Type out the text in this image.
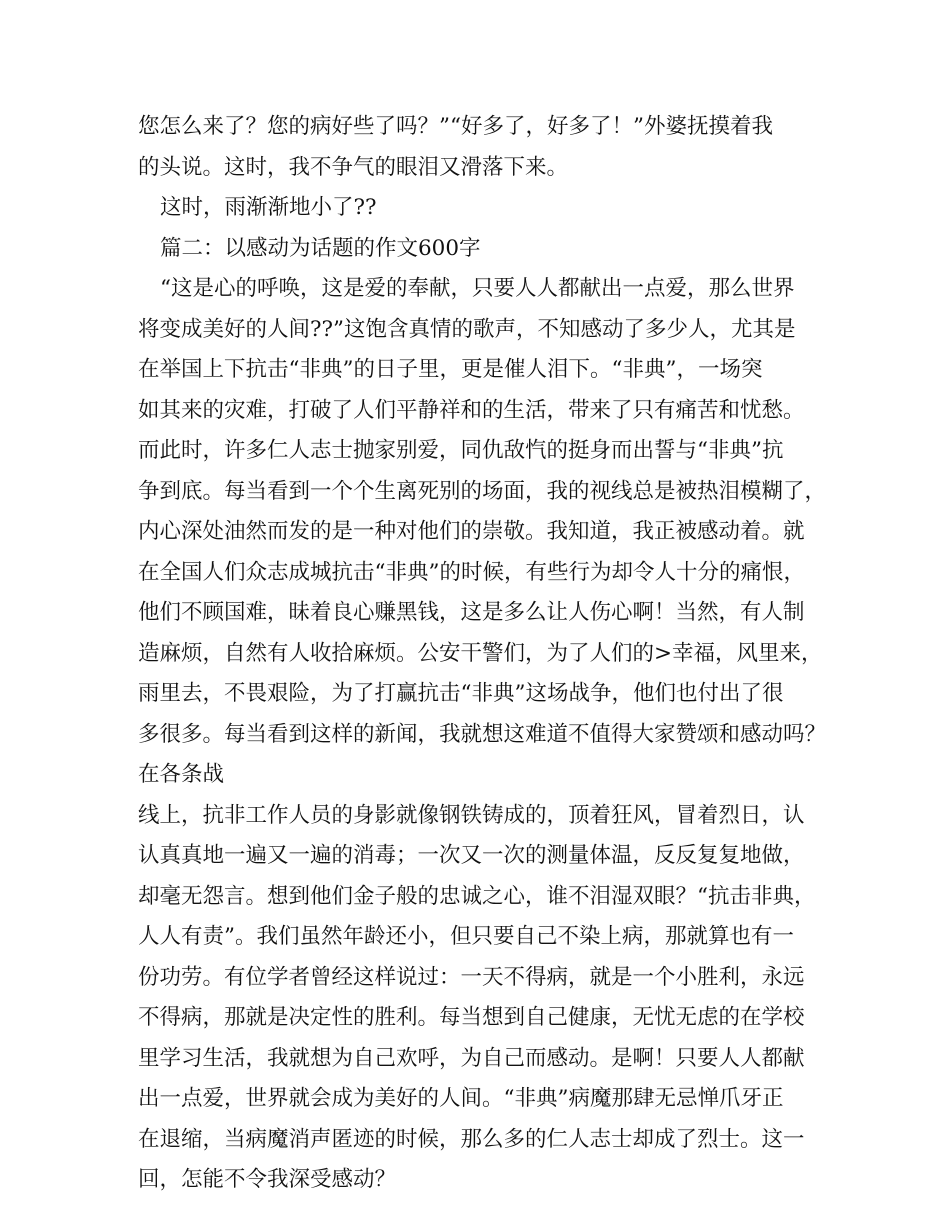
您怎么来了？您的病好些了吗？”“好多了，好多了！”外婆抚摸着我
的头说。这时，我不争气的眼泪又滑落下来。
这时，雨渐渐地小了??
篇二：以感动为话题的作文600字
“这是心的呼唤，这是爱的奉献，只要人人都献出一点爱，那么世界
将变成美好的人间??”这饱含真情的歌声，不知感动了多少人，尤其是
在举国上下抗击“非典”的日子里，更是催人泪下。“非典”，一场突
如其来的灾难，打破了人们平静祥和的生活，带来了只有痛苦和忧愁。
而此时，许多仁人志士抛家别爱，同仇敌忾的挺身而出誓与“非典”抗
争到底。每当看到一个个生离死别的场面，我的视线总是被热泪模糊了，
内心深处油然而发的是一种对他们的崇敬。我知道，我正被感动着。就
在全国人们众志成城抗击“非典”的时候，有些行为却令人十分的痛恨，
他们不顾国难，昧着良心赚黑钱，这是多么让人伤心啊！当然，有人制
造麻烦，自然有人收拾麻烦。公安干警们，为了人们的>幸福，风里来，
雨里去，不畏艰险，为了打赢抗击“非典”这场战争，他们也付出了很
多很多。每当看到这样的新闻，我就想这难道不值得大家赞颂和感动吗？
在各条战
线上，抗非工作人员的身影就像钢铁铸成的，顶着狂风，冒着烈日，认
认真真地一遍又一遍的消毒；一次又一次的测量体温，反反复复地做，
却毫无怨言。想到他们金子般的忠诚之心，谁不泪湿双眼？“抗击非典，
人人有责”。我们虽然年龄还小，但只要自己不染上病，那就算也有一
份功劳。有位学者曾经这样说过：一天不得病，就是一个小胜利，永远
不得病，那就是决定性的胜利。每当想到自己健康，无忧无虑的在学校
里学习生活，我就想为自己欢呼，为自己而感动。是啊！只要人人都献
出一点爱，世界就会成为美好的人间。“非典”病魔那肆无忌惮爪牙正
在退缩，当病魔消声匿迹的时候，那么多的仁人志士却成了烈士。这一
回，怎能不令我深受感动？
